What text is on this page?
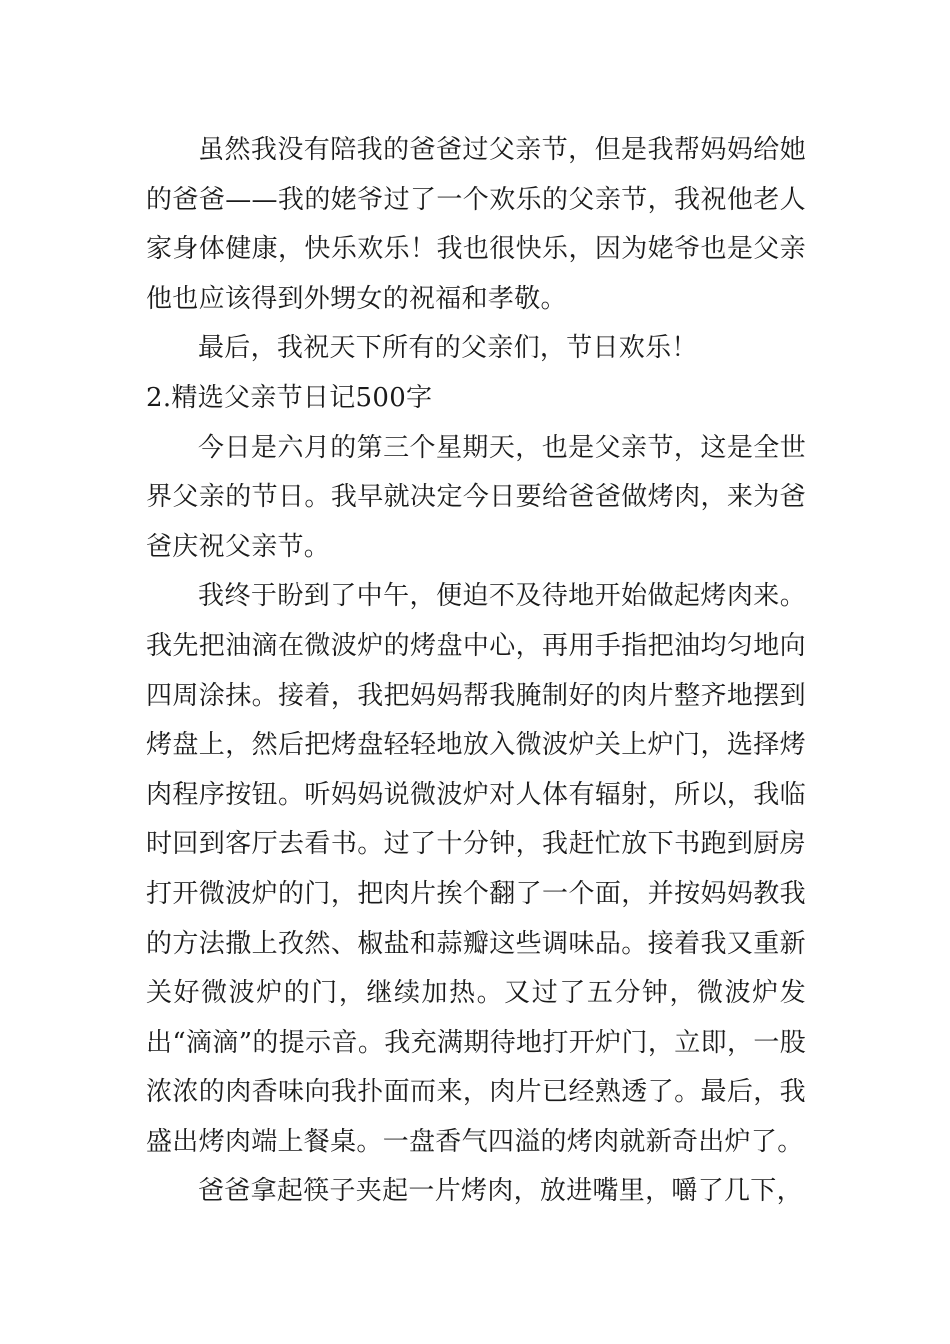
虽然我没有陪我的爸爸过父亲节，但是我帮妈妈给她的爸爸——我的姥爷过了一个欢乐的父亲节，我祝他老人家身体健康，快乐欢乐！我也很快乐，因为姥爷也是父亲他也应该得到外甥女的祝福和孝敬。

最后，我祝天下所有的父亲们，节日欢乐！

2.精选父亲节日记500字

今日是六月的第三个星期天，也是父亲节，这是全世界父亲的节日。我早就决定今日要给爸爸做烤肉，来为爸爸庆祝父亲节。

我终于盼到了中午，便迫不及待地开始做起烤肉来。我先把油滴在微波炉的烤盘中心，再用手指把油均匀地向四周涂抹。接着，我把妈妈帮我腌制好的肉片整齐地摆到烤盘上，然后把烤盘轻轻地放入微波炉关上炉门，选择烤肉程序按钮。听妈妈说微波炉对人体有辐射，所以，我临时回到客厅去看书。过了十分钟，我赶忙放下书跑到厨房打开微波炉的门，把肉片挨个翻了一个面，并按妈妈教我的方法撒上孜然、椒盐和蒜瓣这些调味品。接着我又重新关好微波炉的门，继续加热。又过了五分钟，微波炉发出“滴滴”的提示音。我充满期待地打开炉门，立即，一股浓浓的肉香味向我扑面而来，肉片已经熟透了。最后，我盛出烤肉端上餐桌。一盘香气四溢的烤肉就新奇出炉了。

爸爸拿起筷子夹起一片烤肉，放进嘴里，嚼了几下，
